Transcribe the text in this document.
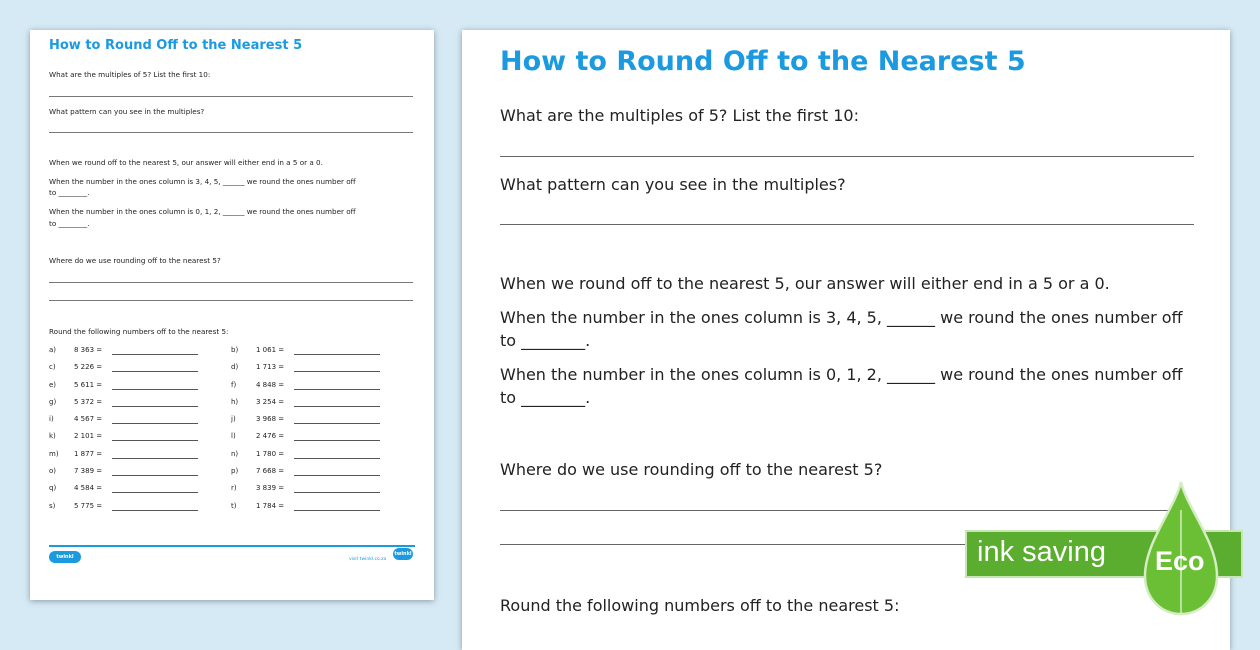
How to Round Off to the Nearest 5
What are the multiples of 5? List the first 10:
What pattern can you see in the multiples?
When we round off to the nearest 5, our answer will either end in a 5 or a 0.
When the number in the ones column is 3, 4, 5, ______ we round the ones number off
to ________.
When the number in the ones column is 0, 1, 2, ______ we round the ones number off
to ________.
Where do we use rounding off to the nearest 5?
Round the following numbers off to the nearest 5:
a)	8 363 =	b)	1 061 =
c)	5 226 =	d)	1 713 =
e)	5 611 =	f)	4 848 =
g)	5 372 =	h)	3 254 =
i)	4 567 =	j)	3 968 =
k)	2 101 =	l)	2 476 =
m)	1 877 =	n)	1 780 =
o)	7 389 =	p)	7 668 =
q)	4 584 =	r)	3 839 =
s)	5 775 =	t)	1 784 =
twinkl	visit twinkl.co.za
twinkl
How to Round Off to the Nearest 5
What are the multiples of 5? List the first 10:
What pattern can you see in the multiples?
When we round off to the nearest 5, our answer will either end in a 5 or a 0.
When the number in the ones column is 3, 4, 5, ______ we round the ones number off
to ________.
When the number in the ones column is 0, 1, 2, ______ we round the ones number off
to ________.
Where do we use rounding off to the nearest 5?
Round the following numbers off to the nearest 5:
ink saving Eco
